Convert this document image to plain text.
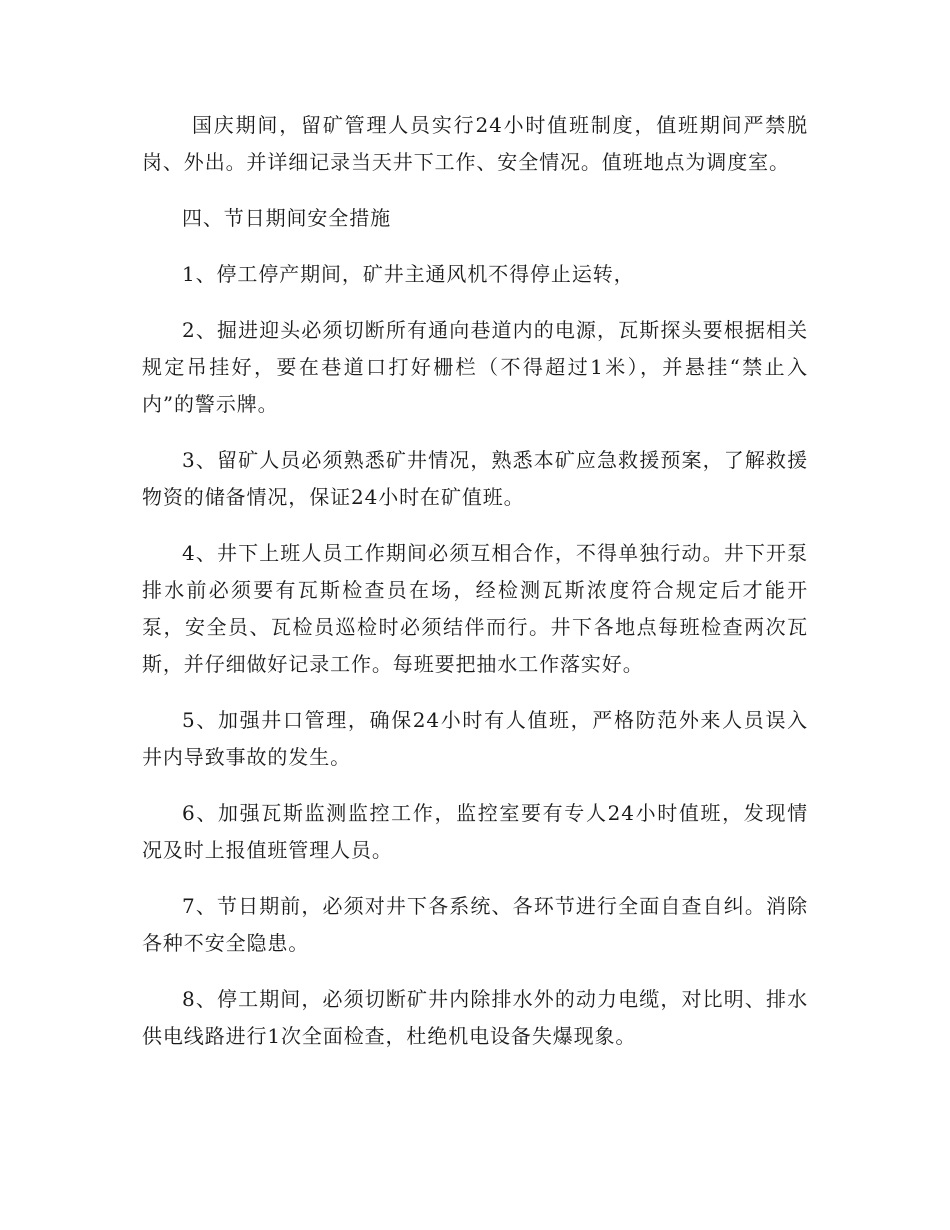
国庆期间，留矿管理人员实行24小时值班制度，值班期间严禁脱岗、外出。并详细记录当天井下工作、安全情况。值班地点为调度室。

四、节日期间安全措施

1、停工停产期间，矿井主通风机不得停止运转，

2、掘进迎头必须切断所有通向巷道内的电源，瓦斯探头要根据相关规定吊挂好，要在巷道口打好栅栏（不得超过1米），并悬挂“禁止入内”的警示牌。

3、留矿人员必须熟悉矿井情况，熟悉本矿应急救援预案，了解救援物资的储备情况，保证24小时在矿值班。

4、井下上班人员工作期间必须互相合作，不得单独行动。井下开泵排水前必须要有瓦斯检查员在场，经检测瓦斯浓度符合规定后才能开泵，安全员、瓦检员巡检时必须结伴而行。井下各地点每班检查两次瓦斯，并仔细做好记录工作。每班要把抽水工作落实好。

5、加强井口管理，确保24小时有人值班，严格防范外来人员误入井内导致事故的发生。

6、加强瓦斯监测监控工作，监控室要有专人24小时值班，发现情况及时上报值班管理人员。

7、节日期前，必须对井下各系统、各环节进行全面自查自纠。消除各种不安全隐患。

8、停工期间，必须切断矿井内除排水外的动力电缆，对比明、排水供电线路进行1次全面检查，杜绝机电设备失爆现象。
